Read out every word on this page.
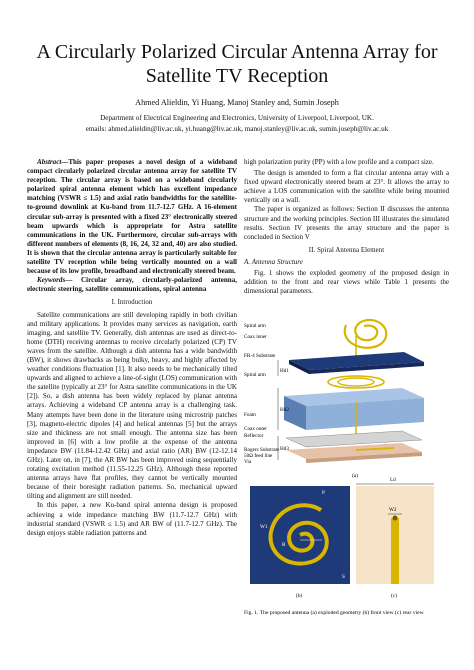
A Circularly Polarized Circular Antenna Array for
Satellite TV Reception
Ahmed Alieldin, Yi Huang, Manoj Stanley and, Sumin Joseph
Department of Electrical Engineering and Electronics, University of Liverpool, Liverpool, UK.
emails: ahmed.alieldin@liv.ac.uk, yi.huang@liv.ac.uk, manoj.stanley@liv.ac.uk, sumin.joseph@liv.ac.uk

Abstract—This paper proposes a novel design of a wideband compact circularly polarized circular antenna array for satellite TV reception. The circular array is based on a wideband circularly polarized spiral antenna element which has excellent impedance matching (VSWR ≤ 1.5) and axial ratio bandwidths for the satellite-to-ground downlink at Ku-band from 11.7-12.7 GHz. A 16-element circular sub-array is presented with a fixed 23° electronically steered beam upwards which is appropriate for Astra satellite communications in the UK. Furthermore, circular sub-arrays with different numbers of elements (8, 16, 24, 32 and, 40) are also studied. It is shown that the circular antenna array is particularly suitable for satellite TV reception while being vertically mounted on a wall because of its low profile, broadband and electronically steered beam.

Keywords— Circular array, circularly-polarized antenna, electronic steering, satellite communications, spiral antenna

I. Introduction

Satellite communications are still developing rapidly in both civilian and military applications. It provides many services as navigation, earth imaging, and satellite TV. Generally, dish antennas are used as direct-to-home (DTH) receiving antennas to receive circularly polarized (CP) TV waves from the satellite. Although a dish antenna has a wide bandwidth (BW), it shows drawbacks as being bulky, heavy, and highly affected by weather conditions fluctuation [1]. It also needs to be mechanically tilted upwards and aligned to achieve a line-of-sight (LOS) communication with the satellite (typically at 23° for Astra satellite communications in the UK [2]). So, a dish antenna has been widely replaced by planar antenna arrays. Achieving a wideband CP antenna array is a challenging task. Many attempts have been done in the literature using microstrip patches [3], magneto-electric dipoles [4] and helical antennas [5] but the arrays size and thickness are not small enough. The antenna size has been improved in [6] with a low profile at the expense of the antenna impedance BW (11.84-12.42 GHz) and axial ratio (AR) BW (12-12.14 GHz). Later on, in [7], the AR BW has been improved using sequentially rotating excitation method (11.55-12.25 GHz). Although these reported antenna arrays have flat profiles, they cannot be vertically mounted because of their boresight radiation patterns. So, mechanical upward tilting and alignment are still needed.

In this paper, a new Ku-band spiral antenna design is proposed achieving a wide impedance matching BW (11.7-12.7 GHz) with industrial standard (VSWR ≤ 1.5) and AR BW of (11.7-12.7 GHz). The design enjoys stable radiation patterns and

high polarization purity (PP) with a low profile and a compact size.

The design is amended to form a flat circular antenna array with a fixed upward electronically steered beam at 23°. It allows the array to achieve a LOS communication with the satellite while being mounted vertically on a wall.

The paper is organized as follows: Section II discusses the antenna structure and the working principles. Section III illustrates the simulated results. Section IV presents the array structure and the paper is concluded in Section V

II. Spiral Antenna Element
A. Antenna Structure

Fig. 1 shows the exploded geometry of the proposed design in addition to the front and rear views while Table 1 presents the dimensional parameters.

Spiral arm
Coax inner
FR-4 Substrate
Spiral arm
Foam
Coax outer
Reflector
Rogers Substrate
50Ω feed line
Via
Hd1
Hd2
Hd3
(a)
P
W1
R
S
(b)
Ld
W2
(c)
Fig. 1. The proposed antenna (a) exploded geometry (b) front view (c) rear view
